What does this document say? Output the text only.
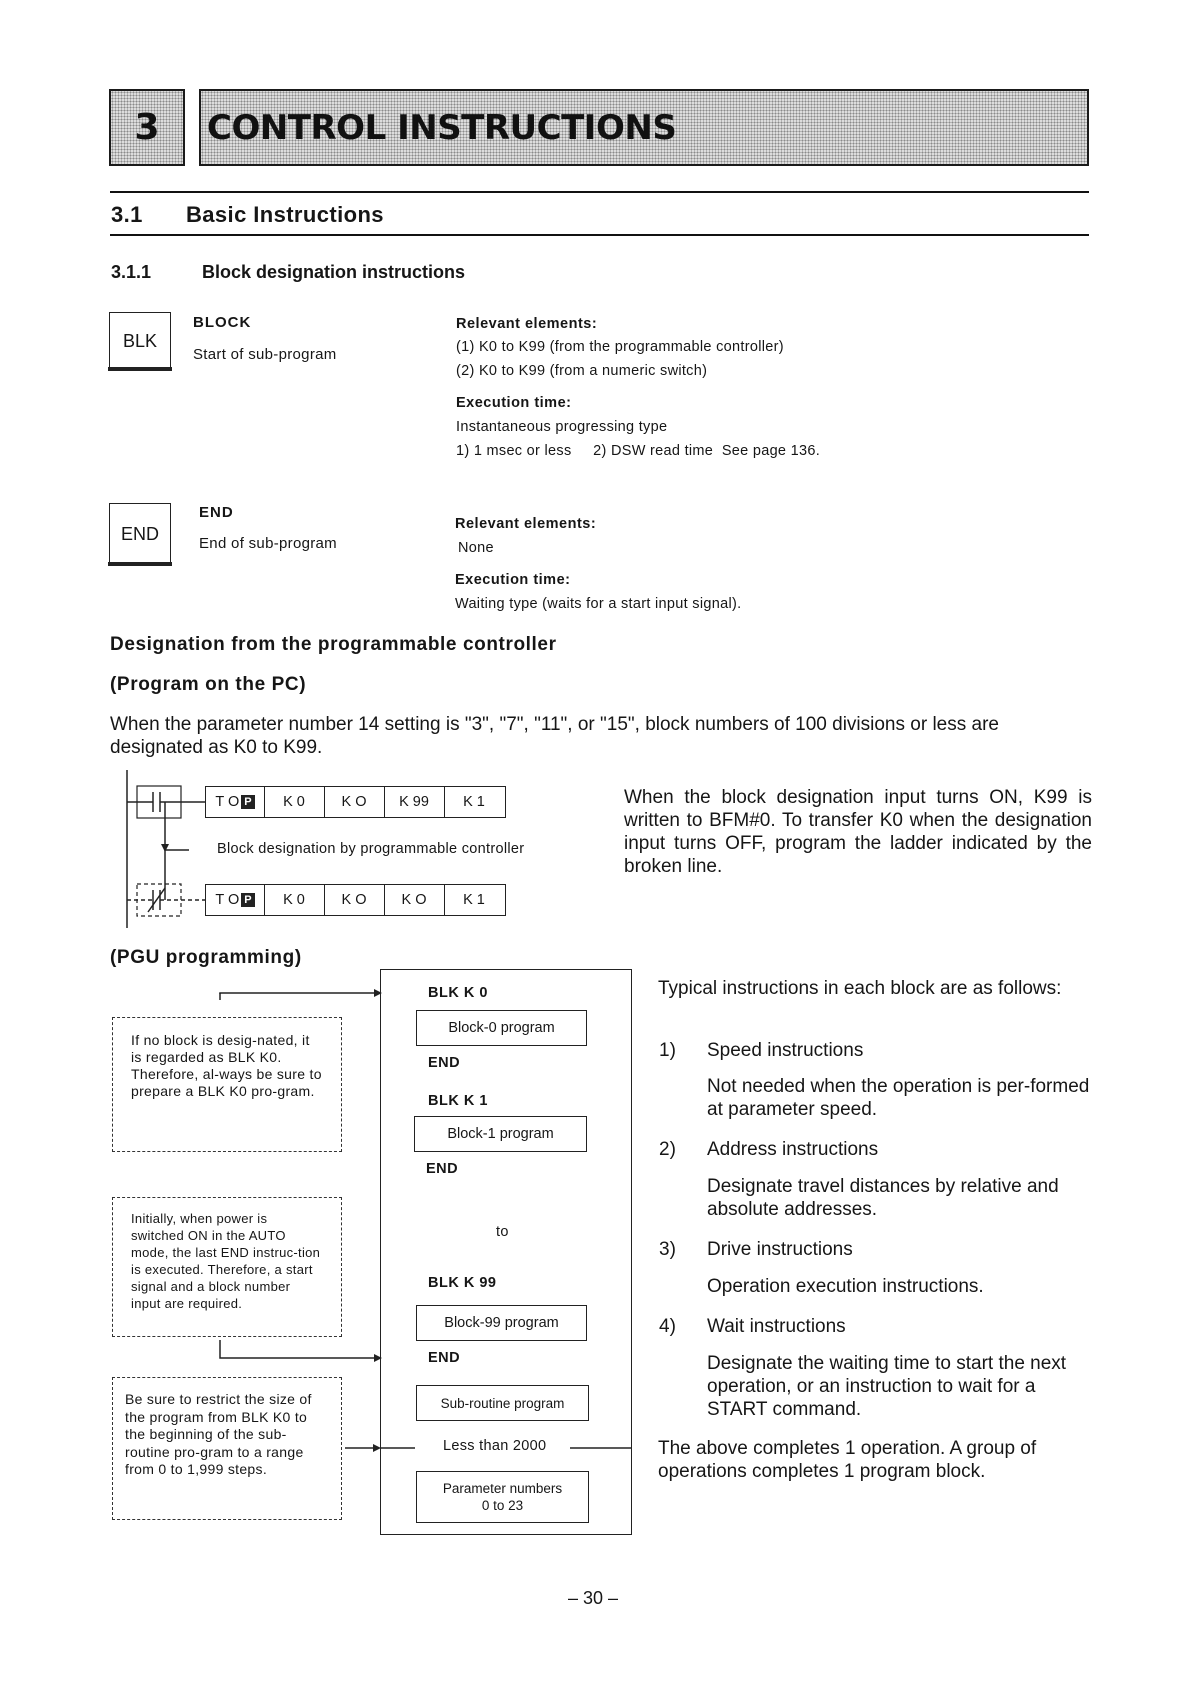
3 CONTROL INSTRUCTIONS
3.1 Basic Instructions
3.1.1	Block designation instructions
BLK
BLOCK
Start of sub-program
Relevant elements:
(1) K0 to K99 (from the programmable controller)
(2) K0 to K99 (from a numeric switch)
Execution time:
Instantaneous progressing type
1) 1 msec or less     2) DSW read time  See page 136.
END
END
End of sub-program
Relevant elements:
None
Execution time:
Waiting type (waits for a start input signal).
Designation from the programmable controller
(Program on the PC)
When the parameter number 14 setting is "3", "7", "11", or "15", block numbers of 100 divisions or less are designated as K0 to K99.
T O P	K 0	K O	K 99	K 1
Block designation by programmable controller
T O P	K 0	K O	K O	K 1
When the block designation input turns ON, K99 is written to BFM#0. To transfer K0 when the designation input turns OFF, program the ladder indicated by the broken line.
(PGU programming)
If no block is desig-nated, it is regarded as BLK K0. Therefore, al-ways be sure to prepare a BLK K0 pro-gram.
Initially, when power is switched ON in the AUTO mode, the last END instruc-tion is executed. Therefore, a start signal and a block number input are required.
Be sure to restrict the size of the program from BLK K0 to the beginning of the sub-routine pro-gram to a range from 0 to 1,999 steps.
BLK K 0
Block-0 program
END
BLK K 1
Block-1 program
END
to
BLK K 99
Block-99 program
END
Sub-routine program
Less than 2000
Parameter numbers
0 to 23
Typical instructions in each block are as follows:
1) Speed instructions
Not needed when the operation is per-formed at parameter speed.
2) Address instructions
Designate travel distances by relative and absolute addresses.
3) Drive instructions
Operation execution instructions.
4) Wait instructions
Designate the waiting time to start the next operation, or an instruction to wait for a START command.
The above completes 1 operation. A group of operations completes 1 program block.
– 30 –
